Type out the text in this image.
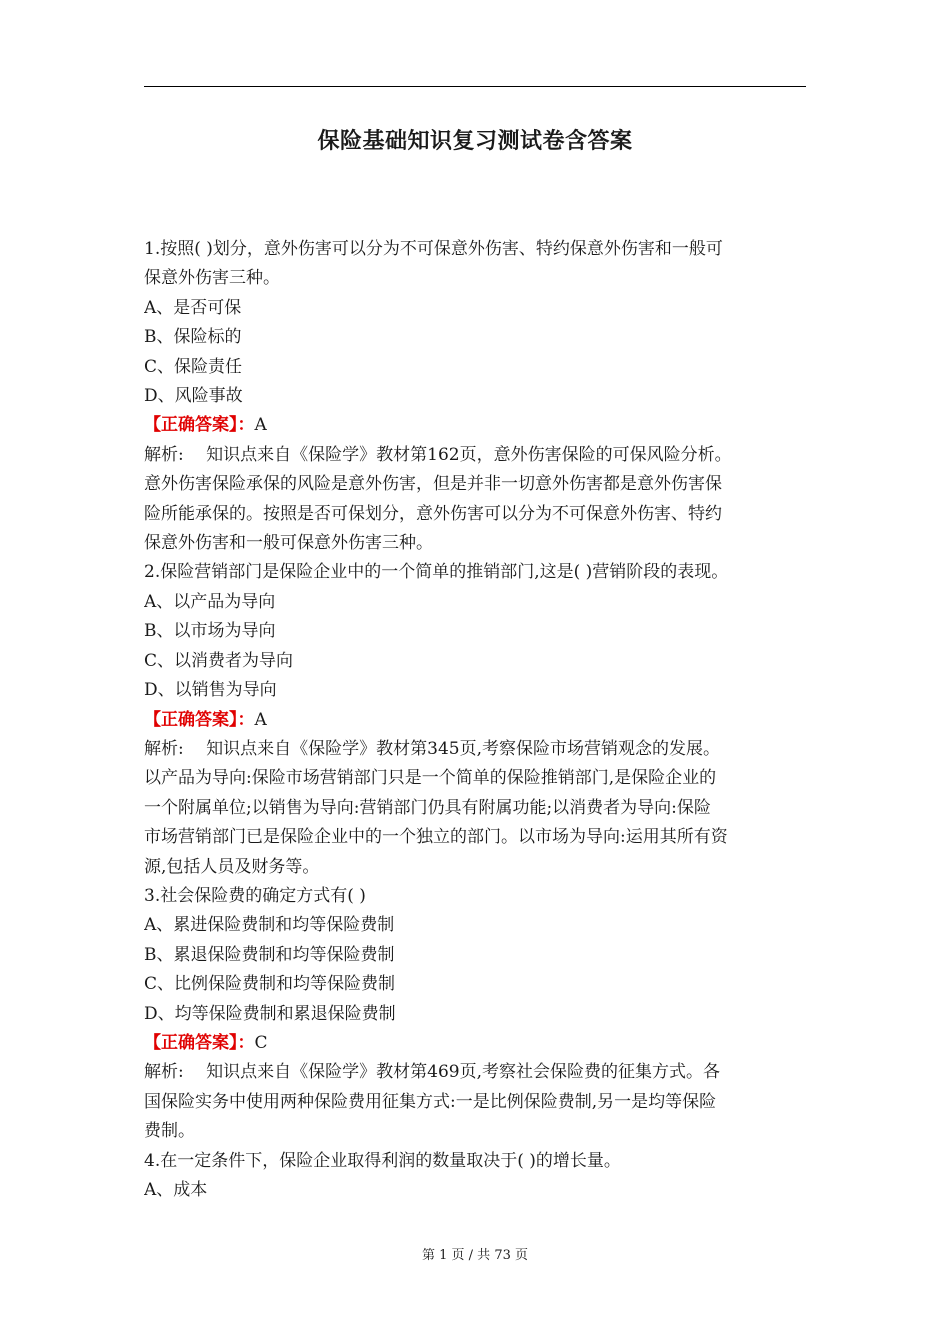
保险基础知识复习测试卷含答案
1.按照( )划分，意外伤害可以分为不可保意外伤害、特约保意外伤害和一般可
保意外伤害三种。
A、是否可保
B、保险标的
C、保险责任
D、风险事故
【正确答案】：A
解析:　 知识点来自《保险学》教材第162页，意外伤害保险的可保风险分析。
意外伤害保险承保的风险是意外伤害，但是并非一切意外伤害都是意外伤害保
险所能承保的。按照是否可保划分，意外伤害可以分为不可保意外伤害、特约
保意外伤害和一般可保意外伤害三种。
2.保险营销部门是保险企业中的一个简单的推销部门,这是( )营销阶段的表现。
A、以产品为导向
B、以市场为导向
C、以消费者为导向
D、以销售为导向
【正确答案】：A
解析:　 知识点来自《保险学》教材第345页,考察保险市场营销观念的发展。
以产品为导向:保险市场营销部门只是一个简单的保险推销部门,是保险企业的
一个附属单位;以销售为导向:营销部门仍具有附属功能;以消费者为导向:保险
市场营销部门已是保险企业中的一个独立的部门。以市场为导向:运用其所有资
源,包括人员及财务等。
3.社会保险费的确定方式有( )
A、累进保险费制和均等保险费制
B、累退保险费制和均等保险费制
C、比例保险费制和均等保险费制
D、均等保险费制和累退保险费制
【正确答案】：C
解析:　 知识点来自《保险学》教材第469页,考察社会保险费的征集方式。各
国保险实务中使用两种保险费用征集方式:一是比例保险费制,另一是均等保险
费制。
4.在一定条件下，保险企业取得利润的数量取决于( )的增长量。
A、成本
第 1 页 / 共 73 页
